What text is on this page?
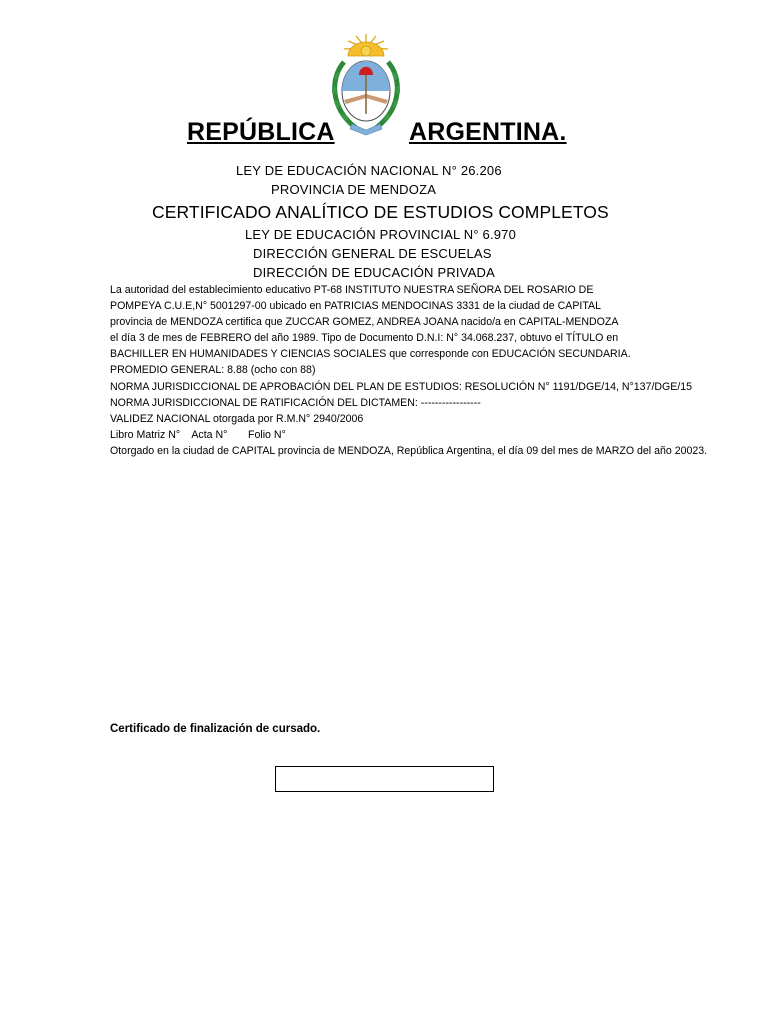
REPÚBLICA	ARGENTINA.
LEY DE EDUCACIÓN NACIONAL N° 26.206
PROVINCIA DE MENDOZA
CERTIFICADO ANALÍTICO DE ESTUDIOS COMPLETOS
LEY DE EDUCACIÓN PROVINCIAL N° 6.970
DIRECCIÓN GENERAL DE ESCUELAS
DIRECCIÓN DE EDUCACIÓN PRIVADA
La autoridad del establecimiento educativo PT-68 INSTITUTO NUESTRA SEÑORA DEL ROSARIO DE
POMPEYA C.U.E,N° 5001297-00 ubicado en PATRICIAS MENDOCINAS 3331 de la ciudad de CAPITAL
provincia de MENDOZA certifica que ZUCCAR GOMEZ, ANDREA JOANA nacido/a en CAPITAL-MENDOZA
el día 3 de mes de FEBRERO del año 1989. Tipo de Documento D.N.I: N° 34.068.237, obtuvo el TÍTULO en
BACHILLER EN HUMANIDADES Y CIENCIAS SOCIALES que corresponde con EDUCACIÓN SECUNDARIA.
PROMEDIO GENERAL: 8.88 (ocho con 88)
NORMA JURISDICCIONAL DE APROBACIÓN DEL PLAN DE ESTUDIOS: RESOLUCIÓN N° 1191/DGE/14, N°137/DGE/15
NORMA JURISDICCIONAL DE RATIFICACIÓN DEL DICTAMEN: -----------------
VALIDEZ NACIONAL otorgada por R.M.N° 2940/2006
Libro Matriz N°    Acta N°       Folio N°
Otorgado en la ciudad de CAPITAL provincia de MENDOZA, República Argentina, el día 09 del mes de MARZO del año 20023.
Certificado de finalización de cursado.
